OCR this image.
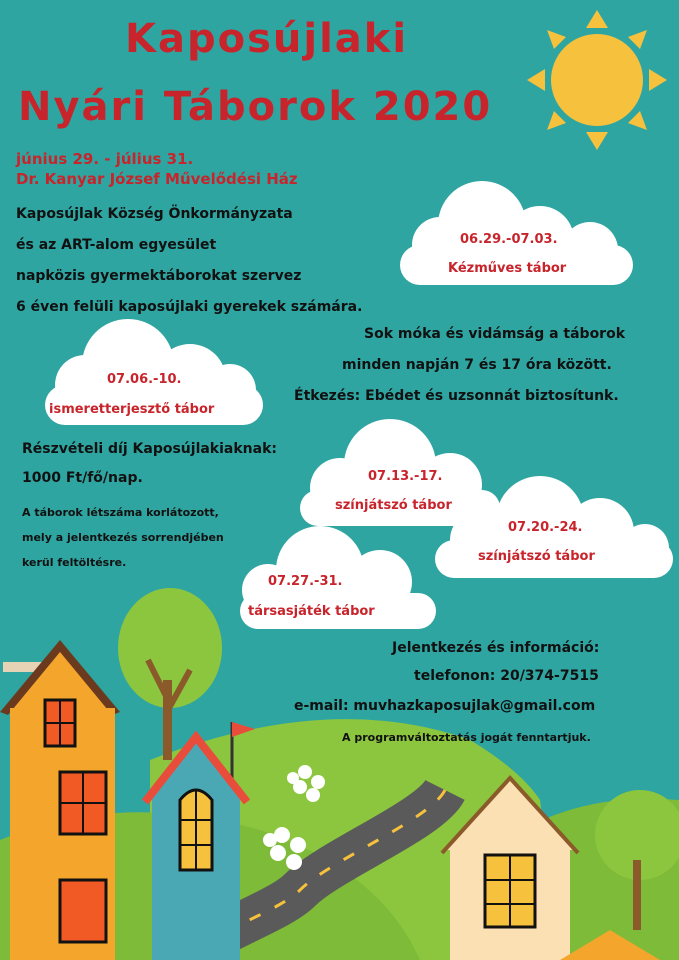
Kaposújlaki
Nyári Táborok 2020
június 29. - július 31.
Dr. Kanyar József Művelődési Ház
Kaposújlak Község Önkormányzata
és az ART-alom egyesület
napközis gyermektáborokat szervez
6 éven felüli kaposújlaki gyerekek számára.
Sok móka és vidámság a táborok
minden napján 7 és 17 óra között.
Étkezés: Ebédet és uzsonnát biztosítunk.
Részvételi díj Kaposújlakiaknak:
1000 Ft/fő/nap.
A táborok létszáma korlátozott,
mely a jelentkezés sorrendjében
kerül feltöltésre.
06.29.-07.03.
Kézműves tábor
07.06.-10.
ismeretterjesztő tábor
07.13.-17.
színjátszó tábor
07.20.-24.
színjátszó tábor
07.27.-31.
társasjáték tábor
Jelentkezés és információ:
telefonon: 20/374-7515
e-mail: muvhazkaposujlak@gmail.com
A programváltoztatás jogát fenntartjuk.
